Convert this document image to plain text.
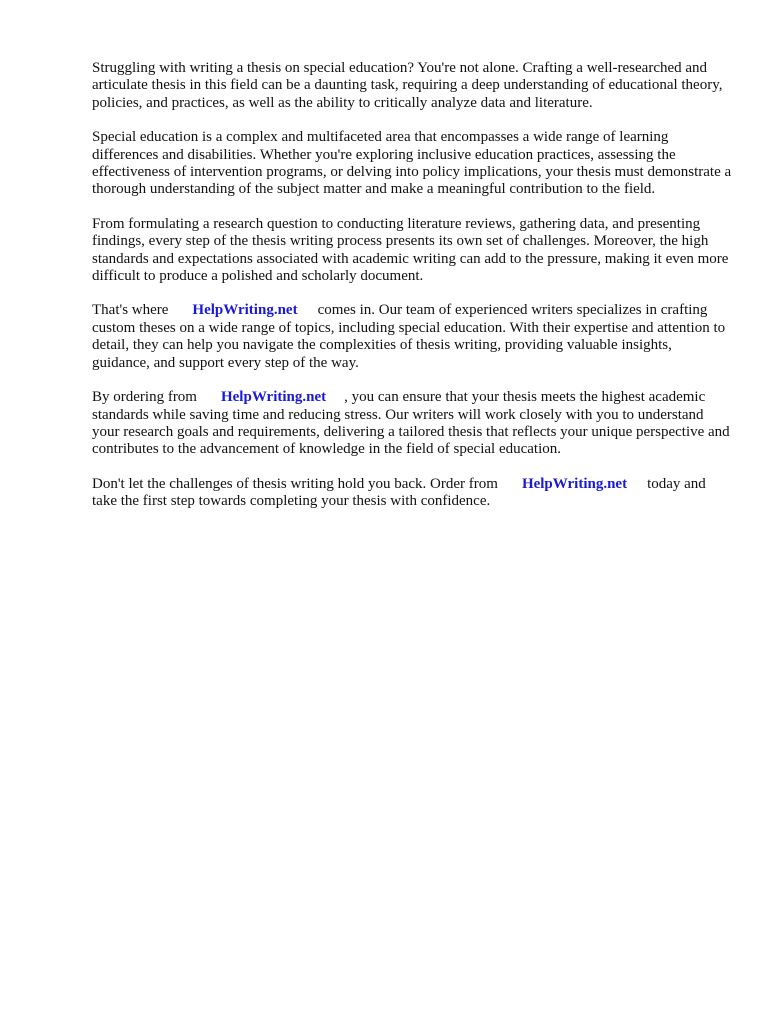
Struggling with writing a thesis on special education? You're not alone. Crafting a well-researched and articulate thesis in this field can be a daunting task, requiring a deep understanding of educational theory, policies, and practices, as well as the ability to critically analyze data and literature.

Special education is a complex and multifaceted area that encompasses a wide range of learning differences and disabilities. Whether you're exploring inclusive education practices, assessing the effectiveness of intervention programs, or delving into policy implications, your thesis must demonstrate a thorough understanding of the subject matter and make a meaningful contribution to the field.

From formulating a research question to conducting literature reviews, gathering data, and presenting findings, every step of the thesis writing process presents its own set of challenges. Moreover, the high standards and expectations associated with academic writing can add to the pressure, making it even more difficult to produce a polished and scholarly document.

That's where HelpWriting.net comes in. Our team of experienced writers specializes in crafting custom theses on a wide range of topics, including special education. With their expertise and attention to detail, they can help you navigate the complexities of thesis writing, providing valuable insights, guidance, and support every step of the way.

By ordering from HelpWriting.net , you can ensure that your thesis meets the highest academic standards while saving time and reducing stress. Our writers will work closely with you to understand your research goals and requirements, delivering a tailored thesis that reflects your unique perspective and contributes to the advancement of knowledge in the field of special education.

Don't let the challenges of thesis writing hold you back. Order from HelpWriting.net today and take the first step towards completing your thesis with confidence.
